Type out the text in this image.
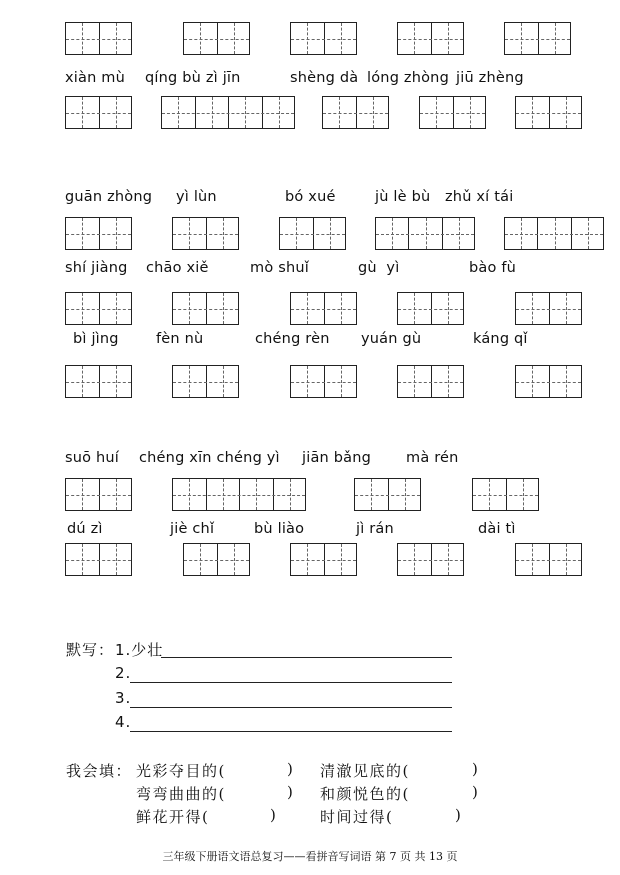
xiàn mù qíng bù zì jīn	shèng dà lóng zhòng jiū zhèng
guān zhòng yì lùn	bó xué	jù lè bù zhǔ xí tái
shí jiàng chāo xiě	mò shuǐ	gù  yì	bào fù
bì jìng	fèn nù	chéng rèn yuán gù	káng qǐ
suō huí chéng xīn chéng yì jiān bǎng mà rén
dú zì	jiè chǐ	bù liào	jì rán	dài tì
默写： 1.少壮
2.
3.
4.
我会填： 光彩夺目的(	) 清澈见底的(	)
弯弯曲曲的(	) 和颜悦色的(	)
鲜花开得(	)	时间过得(	)
三年级下册语文语总复习——看拼音写词语 第 7 页 共 13 页
